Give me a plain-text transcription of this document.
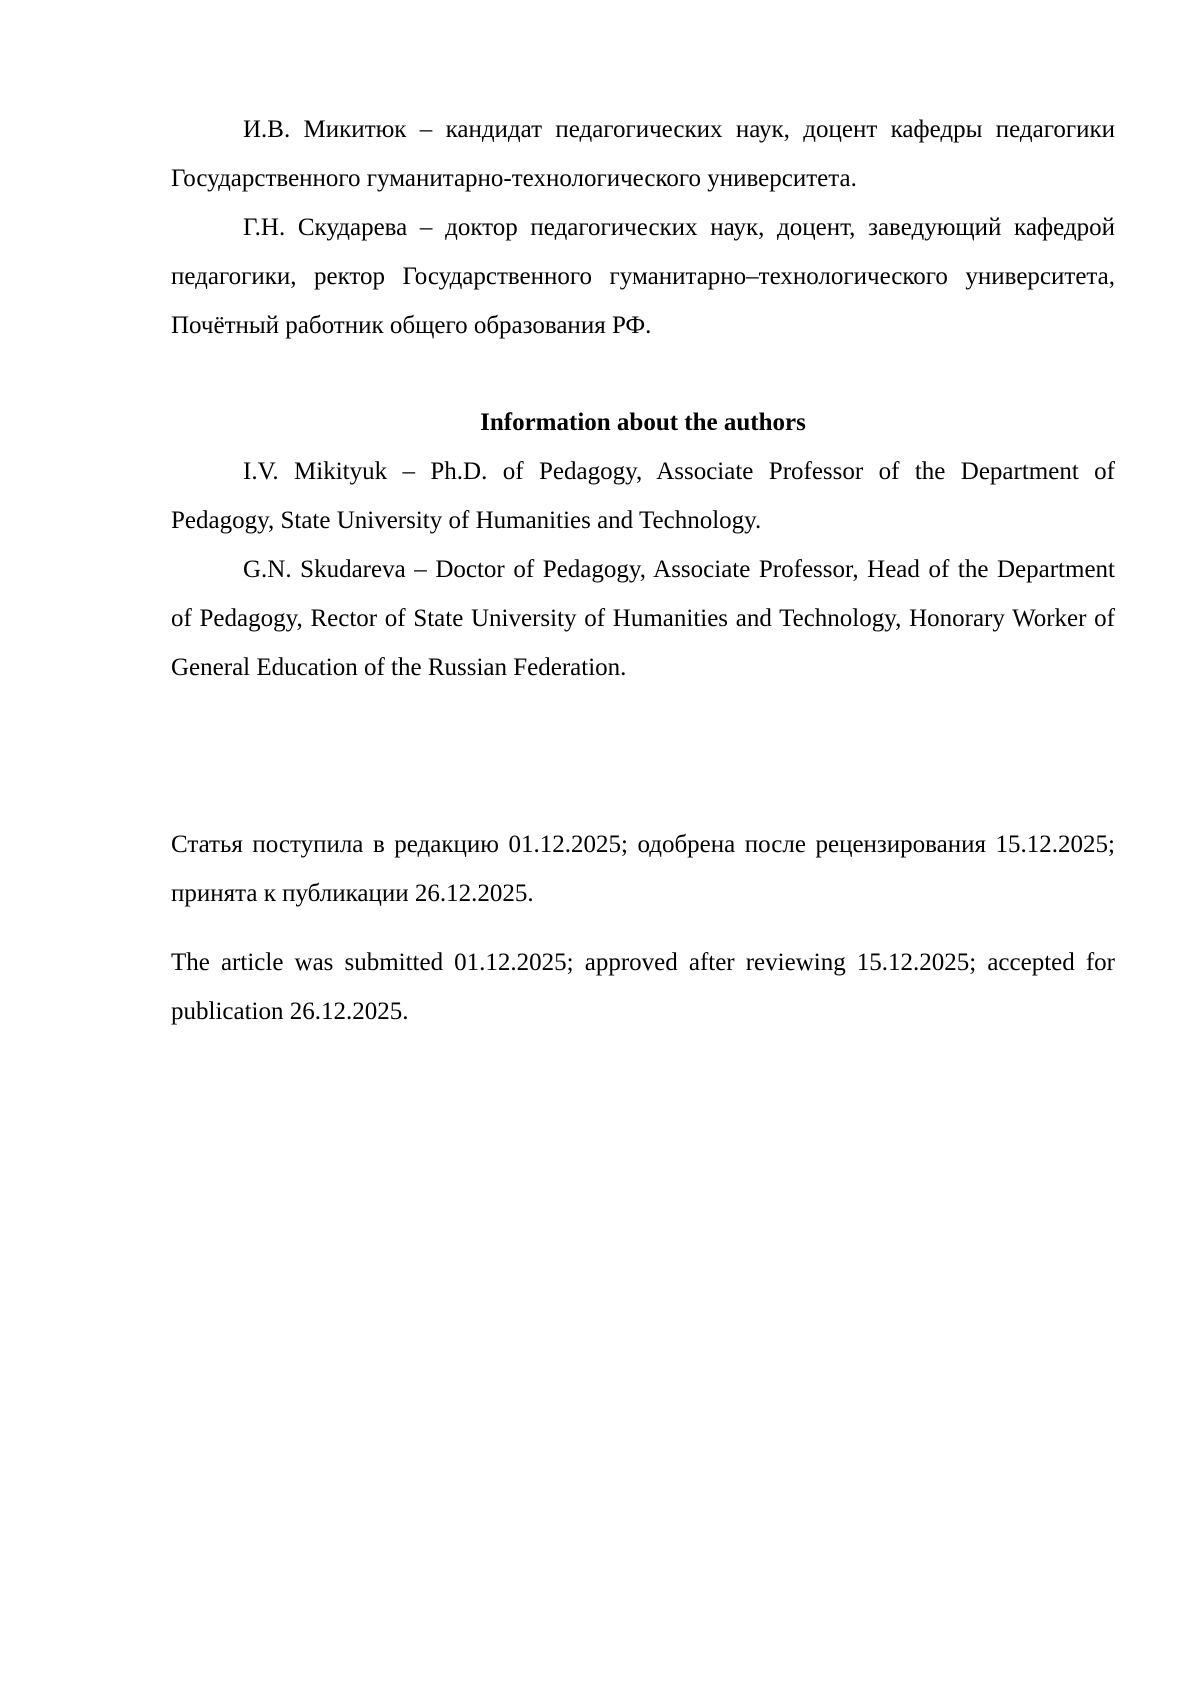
И.В. Микитюк – кандидат педагогических наук, доцент кафедры педагогики Государственного гуманитарно-технологического университета.

Г.Н. Скударева – доктор педагогических наук, доцент, заведующий кафедрой педагогики, ректор Государственного гуманитарно–технологического университета, Почётный работник общего образования РФ.

Information about the authors

I.V. Mikityuk – Ph.D. of Pedagogy, Associate Professor of the Department of Pedagogy, State University of Humanities and Technology.

G.N. Skudareva – Doctor of Pedagogy, Associate Professor, Head of the Department of Pedagogy, Rector of State University of Humanities and Technology, Honorary Worker of General Education of the Russian Federation.

Статья поступила в редакцию 01.12.2025; одобрена после рецензирования 15.12.2025; принята к публикации 26.12.2025.

The article was submitted 01.12.2025; approved after reviewing 15.12.2025; accepted for publication 26.12.2025.
